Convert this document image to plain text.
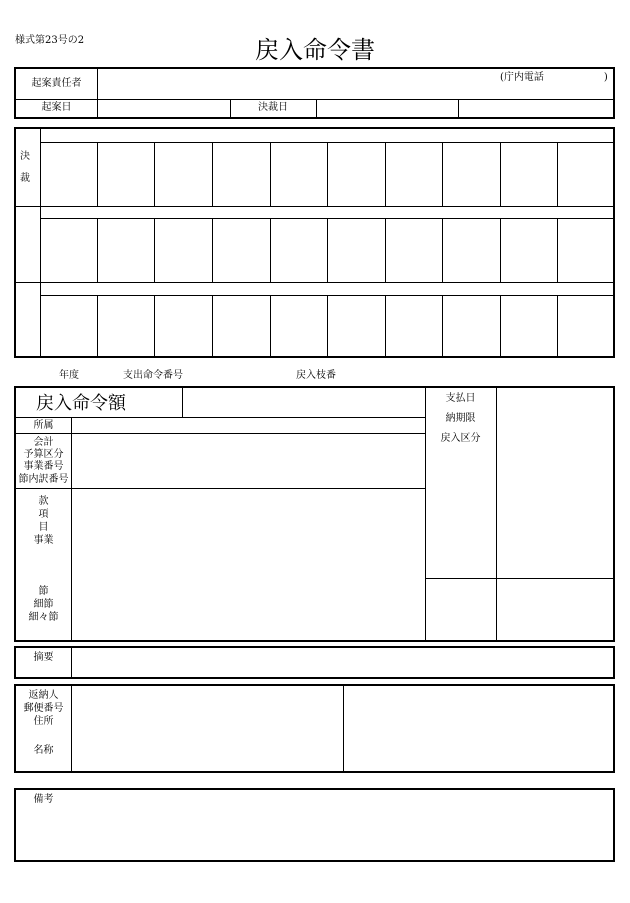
様式第23号の2	戻入命令書
起案責任者
(庁内電話　　　　　　)
起案日	決裁日
決
裁
年度	支出命令番号	戻入枝番
戻入命令額
所属
会計
予算区分
事業番号
節内訳番号
款
項
目
事業
節
細節
細々節
支払日
納期限
戻入区分
摘要
返納人
郵便番号
住所
名称
備考
